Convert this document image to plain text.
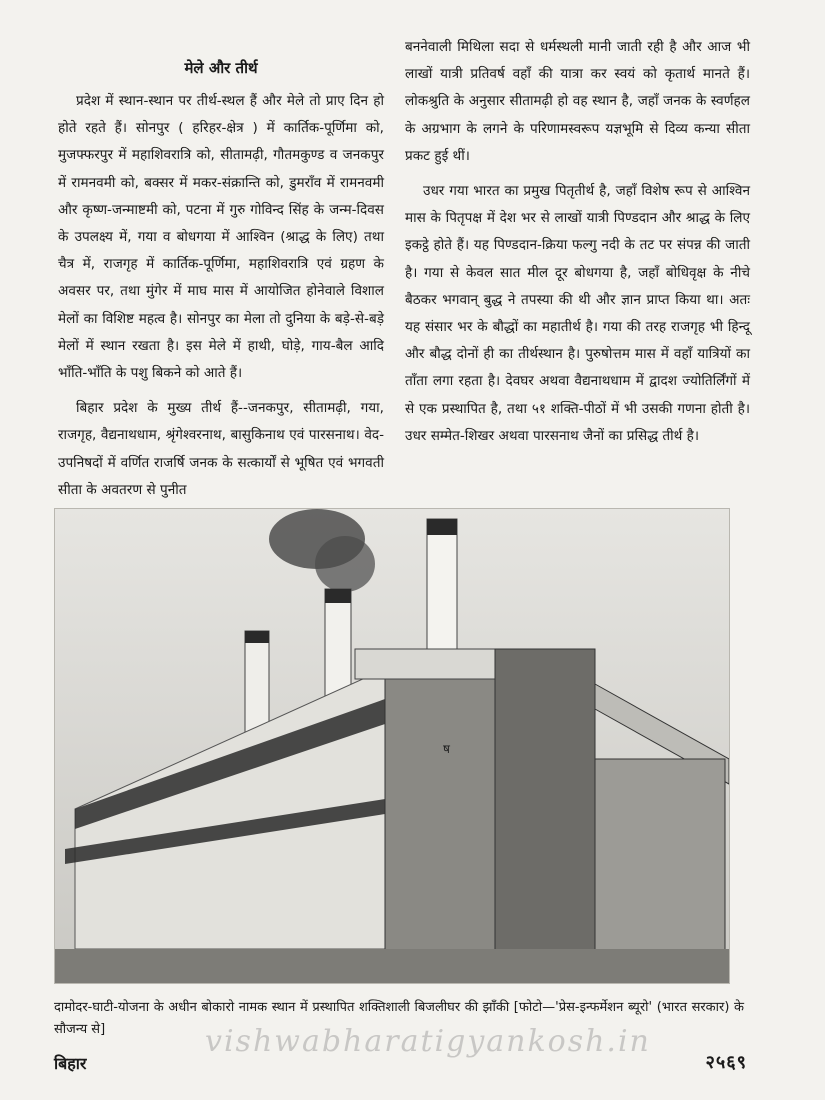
मेले और तीर्थ

प्रदेश में स्थान-स्थान पर तीर्थ-स्थल हैं और मेले तो प्राए दिन हो होते रहते हैं। सोनपुर ( हरिहर-क्षेत्र ) में कार्तिक-पूर्णिमा को, मुजफ्फरपुर में महाशिवरात्रि को, सीतामढ़ी, गौतमकुण्ड व जनकपुर में रामनवमी को, बक्सर में मकर-संक्रान्ति को, डुमराँव में रामनवमी और कृष्ण-जन्माष्टमी को, पटना में गुरु गोविन्द सिंह के जन्म-दिवस के उपलक्ष्य में, गया व बोधगया में आश्विन (श्राद्ध के लिए) तथा चैत्र में, राजगृह में कार्तिक-पूर्णिमा, महाशिवरात्रि एवं ग्रहण के अवसर पर, तथा मुंगेर में माघ मास में आयोजित होनेवाले विशाल मेलों का विशिष्ट महत्व है। सोनपुर का मेला तो दुनिया के बड़े-से-बड़े मेलों में स्थान रखता है। इस मेले में हाथी, घोड़े, गाय-बैल आदि भाँति-भाँति के पशु बिकने को आते हैं।

बिहार प्रदेश के मुख्य तीर्थ हैं--जनकपुर, सीतामढ़ी, गया, राजगृह, वैद्यनाथधाम, श्रृंगेश्वरनाथ, बासुकिनाथ एवं पारसनाथ। वेद-उपनिषदों में वर्णित राजर्षि जनक के सत्कार्यों से भूषित एवं भगवती सीता के अवतरण से पुनीत

बननेवाली मिथिला सदा से धर्मस्थली मानी जाती रही है और आज भी लाखों यात्री प्रतिवर्ष वहाँ की यात्रा कर स्वयं को कृतार्थ मानते हैं। लोकश्रुति के अनुसार सीतामढ़ी हो वह स्थान है, जहाँ जनक के स्वर्णहल के अग्रभाग के लगने के परिणामस्वरूप यज्ञभूमि से दिव्य कन्या सीता प्रकट हुई थीं।

उधर गया भारत का प्रमुख पितृतीर्थ है, जहाँ विशेष रूप से आश्विन मास के पितृपक्ष में देश भर से लाखों यात्री पिण्डदान और श्राद्ध के लिए इकट्ठे होते हैं। यह पिण्डदान-क्रिया फल्गु नदी के तट पर संपन्न की जाती है। गया से केवल सात मील दूर बोधगया है, जहाँ बोधिवृक्ष के नीचे बैठकर भगवान् बुद्ध ने तपस्या की थी और ज्ञान प्राप्त किया था। अतः यह संसार भर के बौद्धों का महातीर्थ है। गया की तरह राजगृह भी हिन्दू और बौद्ध दोनों ही का तीर्थस्थान है। पुरुषोत्तम मास में वहाँ यात्रियों का ताँता लगा रहता है। देवघर अथवा वैद्यनाथधाम में द्वादश ज्योतिर्लिंगों में से एक प्रस्थापित है, तथा ५१ शक्ति-पीठों में भी उसकी गणना होती है। उधर सम्मेत-शिखर अथवा पारसनाथ जैनों का प्रसिद्ध तीर्थ है।

ष
दामोदर-घाटी-योजना के अधीन बोकारो नामक स्थान में प्रस्थापित शक्तिशाली बिजलीघर की झाँकी [फोटो—'प्रेस-इन्फर्मेशन ब्यूरो' (भारत सरकार) के सौजन्य से]	vishwabharatigyankosh.in
बिहार	२५६९
